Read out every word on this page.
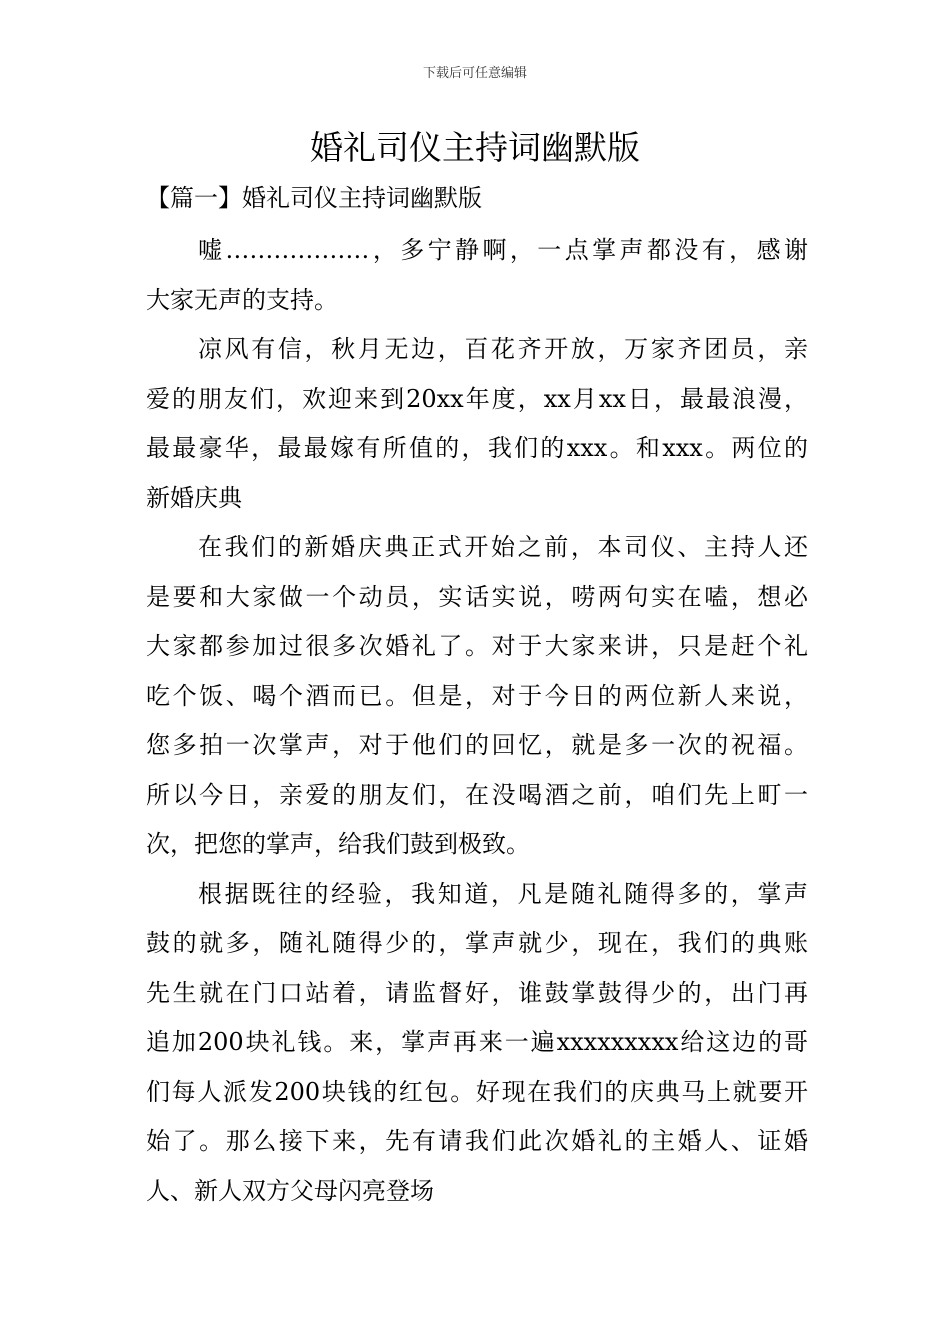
下载后可任意编辑
婚礼司仪主持词幽默版
【篇一】婚礼司仪主持词幽默版
嘘………………，多宁静啊，一点掌声都没有，感谢
大家无声的支持。
凉风有信，秋月无边，百花齐开放，万家齐团员，亲
爱的朋友们，欢迎来到20xx年度，xx月xx日，最最浪漫，
最最豪华，最最嫁有所值的，我们的xxx。和xxx。两位的
新婚庆典
在我们的新婚庆典正式开始之前，本司仪、主持人还
是要和大家做一个动员，实话实说，唠两句实在嗑，想必
大家都参加过很多次婚礼了。对于大家来讲，只是赶个礼
吃个饭、喝个酒而已。但是，对于今日的两位新人来说，
您多拍一次掌声，对于他们的回忆，就是多一次的祝福。
所以今日，亲爱的朋友们，在没喝酒之前，咱们先上町一
次，把您的掌声，给我们鼓到极致。
根据既往的经验，我知道，凡是随礼随得多的，掌声
鼓的就多，随礼随得少的，掌声就少，现在，我们的典账
先生就在门口站着，请监督好，谁鼓掌鼓得少的，出门再
追加200块礼钱。来，掌声再来一遍xxxxxxxxx给这边的哥
们每人派发200块钱的红包。好现在我们的庆典马上就要开
始了。那么接下来，先有请我们此次婚礼的主婚人、证婚
人、新人双方父母闪亮登场
